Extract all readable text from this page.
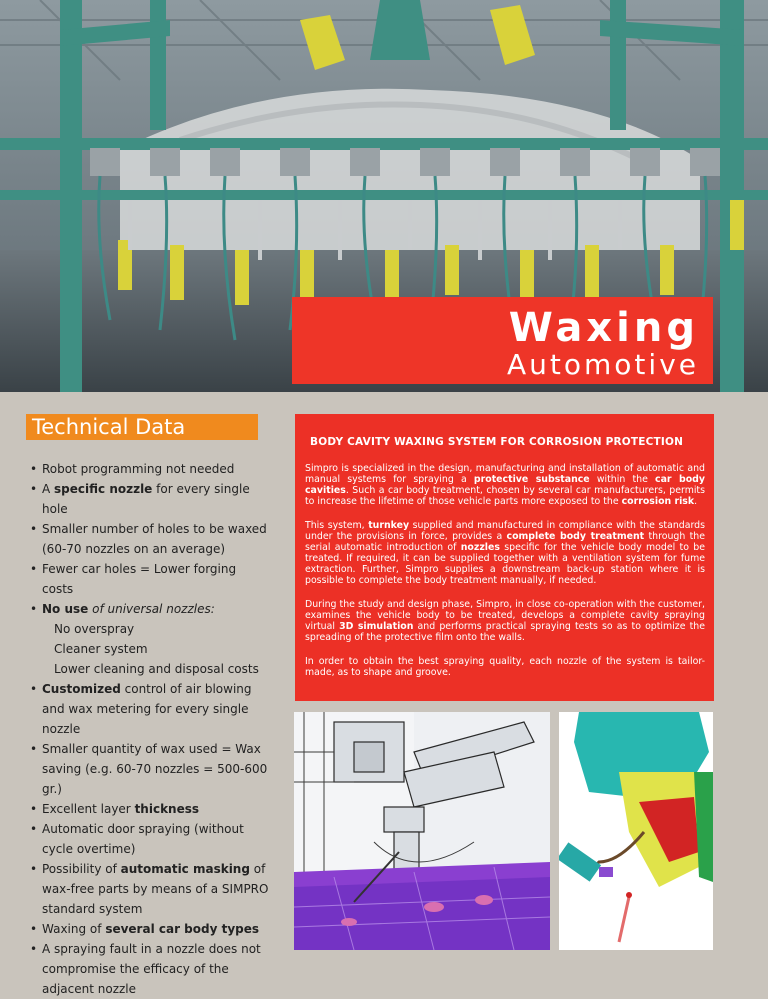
Waxing
Automotive
Technical Data
• Robot programming not needed
• A specific nozzle for every single hole
• Smaller number of holes to be waxed (60-70 nozzles on an average)
• Fewer car holes = Lower forging costs
• No use of universal nozzles:
No overspray
Cleaner system
Lower cleaning and disposal costs
• Customized control of air blowing and wax metering for every single nozzle
• Smaller quantity of wax used = Wax saving (e.g. 60-70 nozzles = 500-600 gr.)
• Excellent layer thickness
• Automatic door spraying (without cycle overtime)
• Possibility of automatic masking of wax-free parts by means of a SIMPRO standard system
• Waxing of several car body types
• A spraying fault in a nozzle does not compromise the efficacy of the adjacent nozzle
BODY CAVITY WAXING SYSTEM FOR CORROSION PROTECTION

Simpro is specialized in the design, manufacturing and installation of automatic and manual systems for spraying a protective substance within the car body cavities. Such a car body treatment, chosen by several car manufacturers, permits to increase the lifetime of those vehicle parts more exposed to the corrosion risk.

This system, turnkey supplied and manufactured in compliance with the standards under the provisions in force, provides a complete body treatment through the serial automatic introduction of nozzles specific for the vehicle body model to be treated. If required, it can be supplied together with a ventilation system for fume extraction. Further, Simpro supplies a downstream back-up station where it is possible to complete the body treatment manually, if needed.

During the study and design phase, Simpro, in close co-operation with the customer, examines the vehicle body to be treated, develops a complete cavity spraying virtual 3D simulation and performs practical spraying tests so as to optimize the spreading of the protective film onto the walls.

In order to obtain the best spraying quality, each nozzle of the system is tailor-made, as to shape and groove.
